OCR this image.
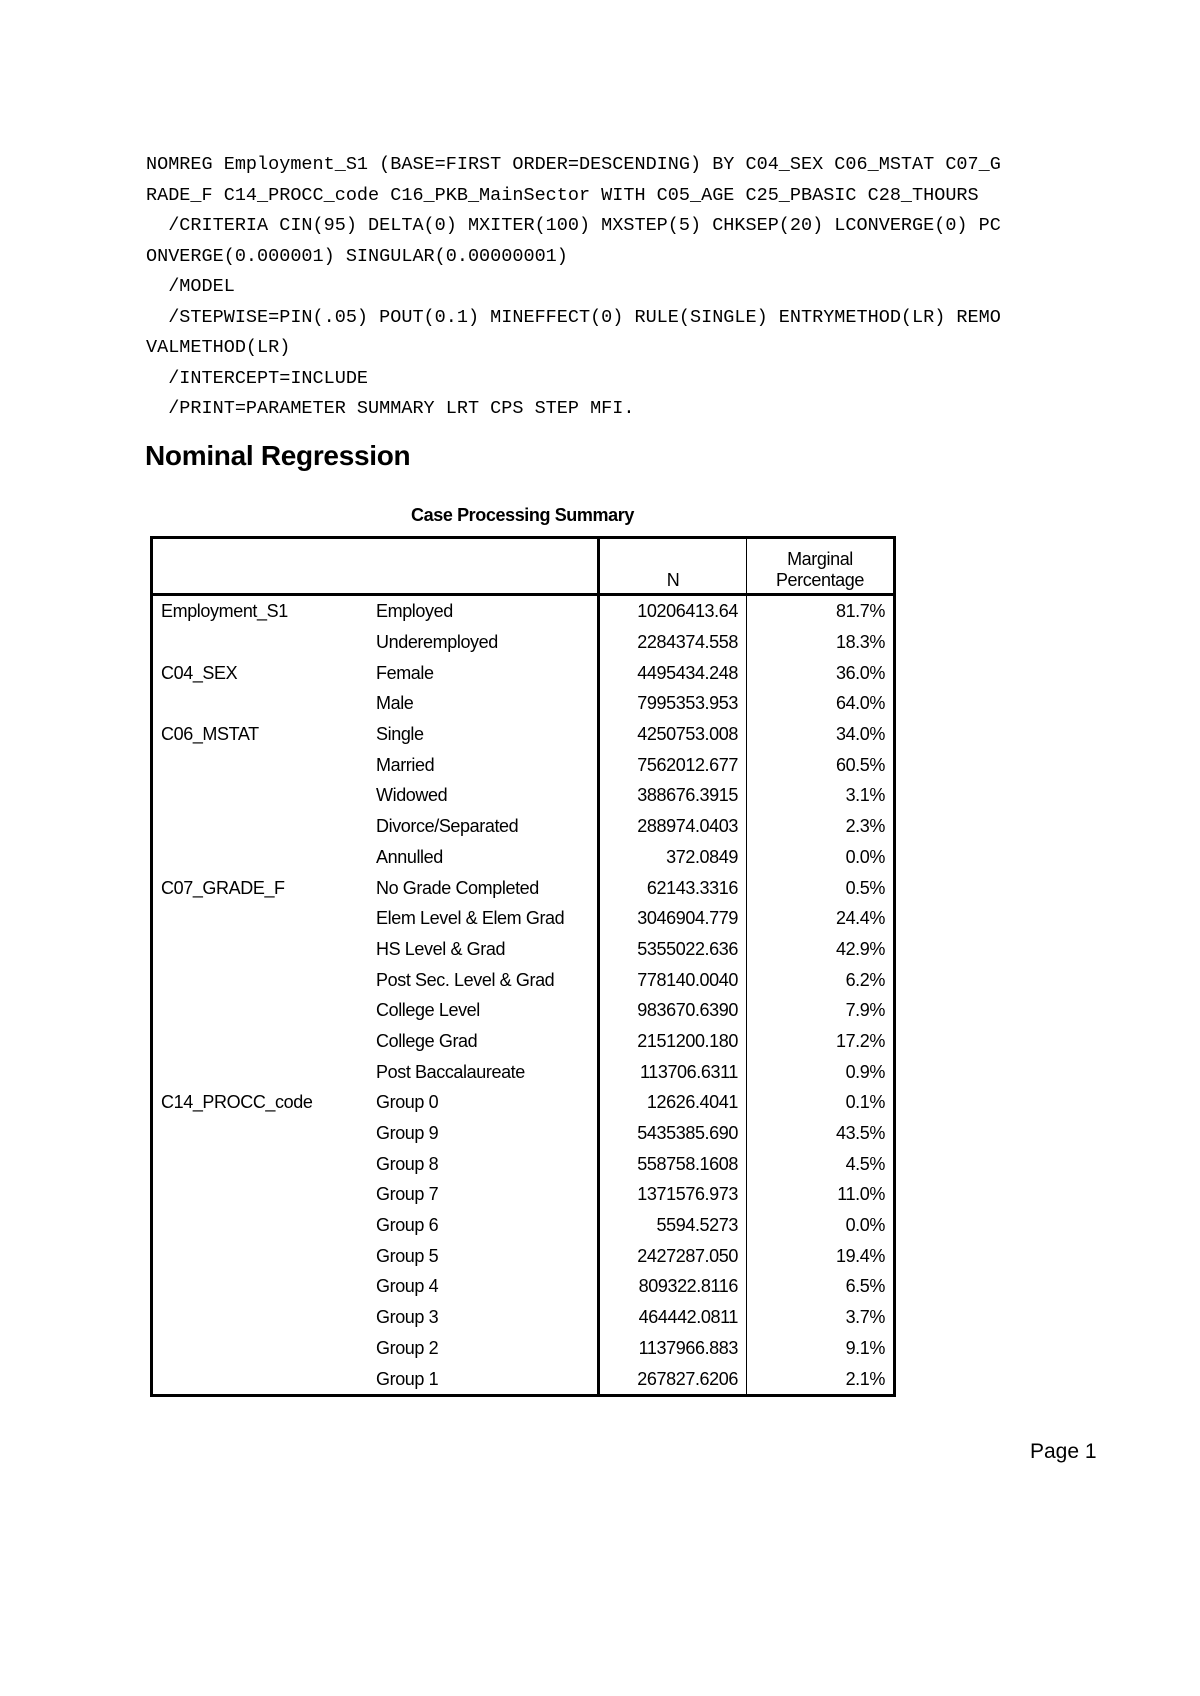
NOMREG Employment_S1 (BASE=FIRST ORDER=DESCENDING) BY C04_SEX C06_MSTAT C07_G
RADE_F C14_PROCC_code C16_PKB_MainSector WITH C05_AGE C25_PBASIC C28_THOURS
/CRITERIA CIN(95) DELTA(0) MXITER(100) MXSTEP(5) CHKSEP(20) LCONVERGE(0) PC
ONVERGE(0.000001) SINGULAR(0.00000001)
/MODEL
/STEPWISE=PIN(.05) POUT(0.1) MINEFFECT(0) RULE(SINGLE) ENTRYMETHOD(LR) REMO
VALMETHOD(LR)
/INTERCEPT=INCLUDE
/PRINT=PARAMETER SUMMARY LRT CPS STEP MFI.
Nominal Regression
Case Processing Summary
		N	Marginal
Percentage
Employment_S1	Employed	10206413.64	81.7%
	Underemployed	2284374.558	18.3%
C04_SEX	Female	4495434.248	36.0%
	Male	7995353.953	64.0%
C06_MSTAT	Single	4250753.008	34.0%
	Married	7562012.677	60.5%
	Widowed	388676.3915	3.1%
	Divorce/Separated	288974.0403	2.3%
	Annulled	372.0849	0.0%
C07_GRADE_F	No Grade Completed	62143.3316	0.5%
	Elem Level & Elem Grad	3046904.779	24.4%
	HS Level & Grad	5355022.636	42.9%
	Post Sec. Level & Grad	778140.0040	6.2%
	College Level	983670.6390	7.9%
	College Grad	2151200.180	17.2%
	Post Baccalaureate	113706.6311	0.9%
C14_PROCC_code	Group 0	12626.4041	0.1%
	Group 9	5435385.690	43.5%
	Group 8	558758.1608	4.5%
	Group 7	1371576.973	11.0%
	Group 6	5594.5273	0.0%
	Group 5	2427287.050	19.4%
	Group 4	809322.8116	6.5%
	Group 3	464442.0811	3.7%
	Group 2	1137966.883	9.1%
	Group 1	267827.6206	2.1%
Page 1
